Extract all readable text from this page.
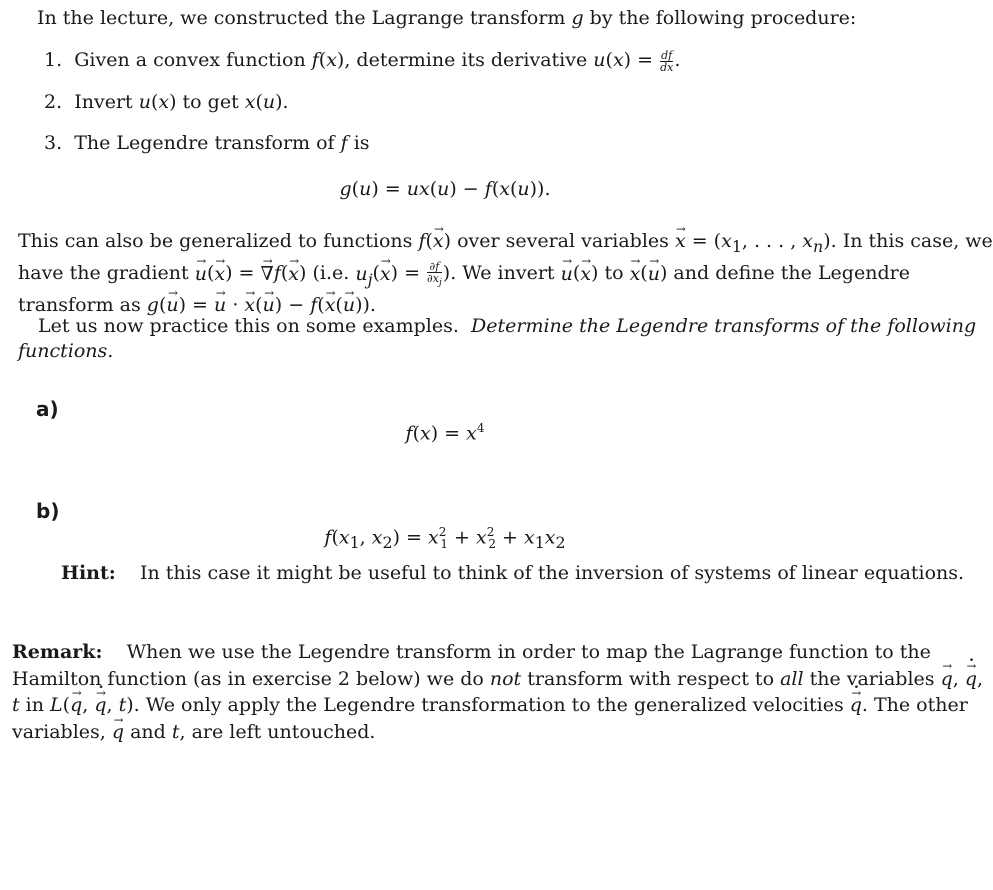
In the lecture, we constructed the Lagrange transform g by the following procedure:
1.  Given a convex function f(x), determine its derivative $u(x) = \frac{df}{dx}$ .
2.  Invert u(x) to get x(u).
3.  The Legendre transform of f is
g(u) = ux(u) − f(x(u)).
This can also be generalized to functions f(x →) over several variables x → = ($x_1$, . . . , $x_n$). In this case, we
have the gradient u →(x →) = ∇ →f(x →) (i.e. $u_j(x$ →) = $\frac{\partial f}{\partial x_j}$ ). We invert u →(x →) to x →(u →) and define the Legendre
transform as g(u →) = u → · x →(u →) − f(x →(u →)).
Let us now practice this on some examples. Determine the Legendre transforms of the following
functions.
a)
$f(x) = x^4$
b)
$f(x_1$, $x_2) = x^2_1 + x^2_2 + x_1x_2$
Hint: In this case it might be useful to think of the inversion of systems of linear equations.
Remark: When we use the Legendre transform in order to map the Lagrange function to the
Hamilton function (as in exercise 2 below) we do not transform with respect to all the variables q →, · q →,
t in L(q →, · q →, t). We only apply the Legendre transformation to the generalized velocities · q →. The other
variables, q → and t, are left untouched.
